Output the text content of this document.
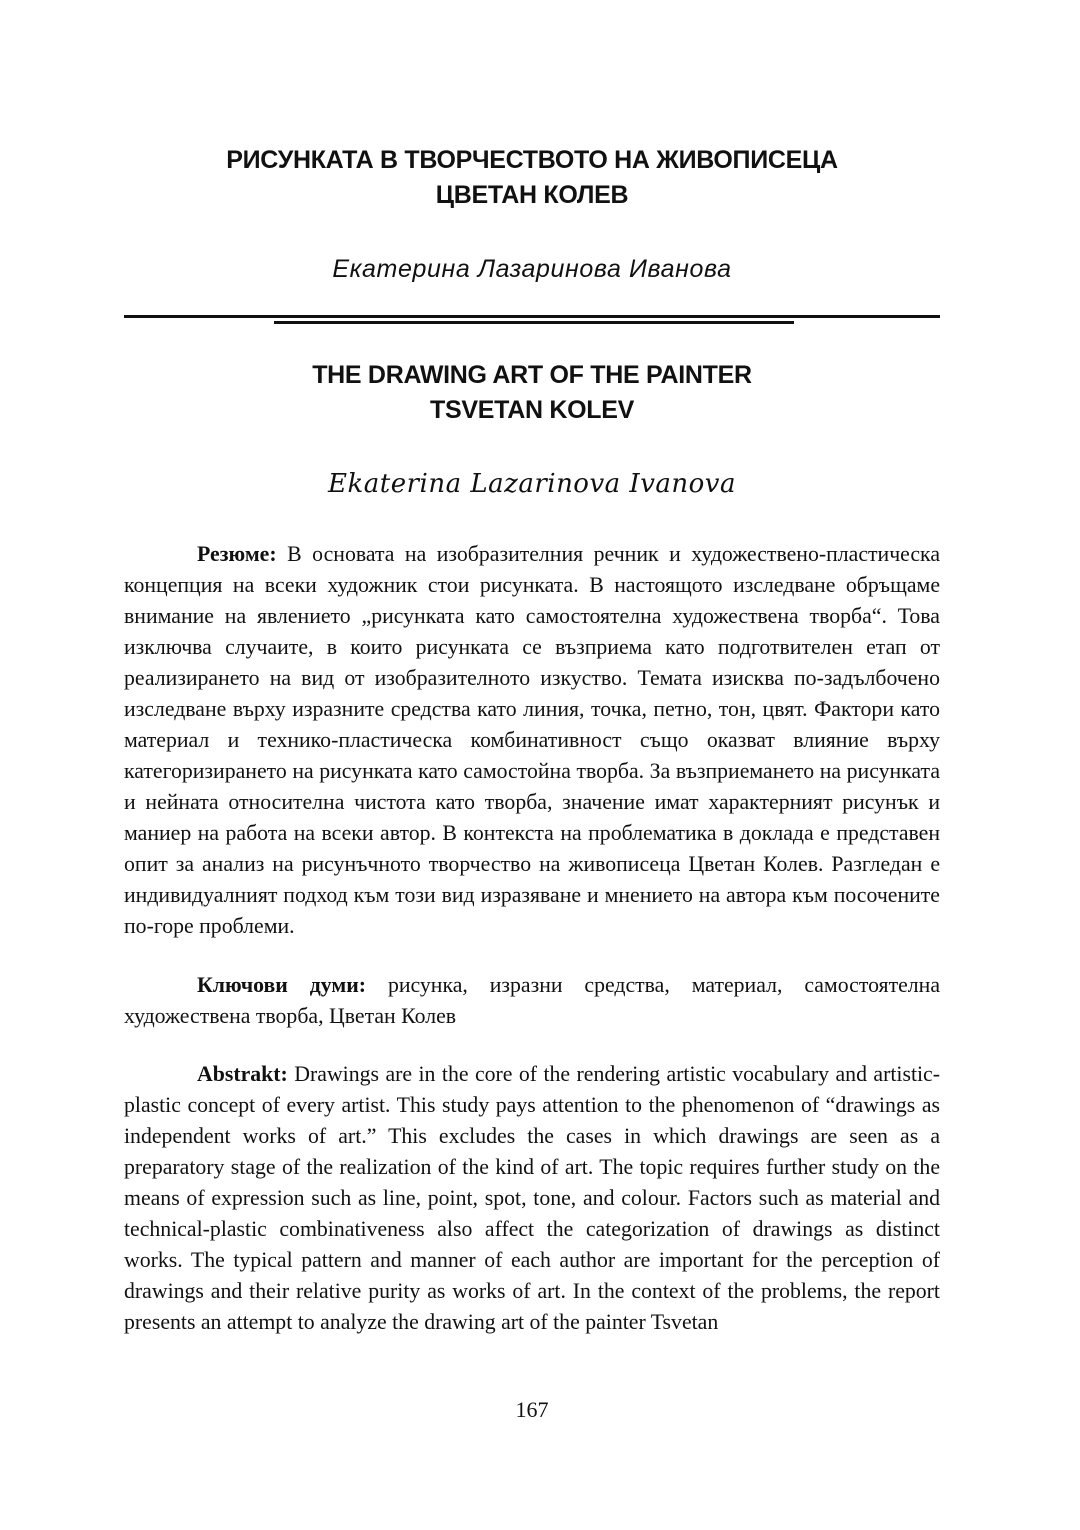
РИСУНКАТА В ТВОРЧЕСТВОТО НА ЖИВОПИСЕЦА
ЦВЕТАН КОЛЕВ
Екатерина Лазаринова Иванова
THE DRAWING ART OF THE PAINTER
TSVETAN KOLEV
Ekaterina Lazarinova Ivanova

Резюме: В основата на изобразителния речник и художествено-пластическа концепция на всеки художник стои рисунката. В настоящото изследване обръщаме внимание на явлението „рисунката като самостоятелна художествена творба“. Това изключва случаите, в които рисунката се възприема като подготвителен етап от реализирането на вид от изобразителното изкуство. Темата изисква по-задълбочено изследване върху изразните средства като линия, точка, петно, тон, цвят. Фактори като материал и технико-пластическа комбинативност също оказват влияние върху категоризирането на рисунката като самостойна творба. За възприемането на рисунката и нейната относителна чистота като творба, значение имат характерният рисунък и маниер на работа на всеки автор. В контекста на проблематика в доклада е представен опит за анализ на рисунъчното творчество на живописеца Цветан Колев. Разгледан е индивидуалният подход към този вид изразяване и мнението на автора към посочените по-горе проблеми.

Ключови думи: рисунка, изразни средства, материал, самостоятелна художествена творба, Цветан Колев

Abstrakt: Drawings are in the core of the rendering artistic vocabulary and artistic-plastic concept of every artist. This study pays attention to the phenomenon of “drawings as independent works of art.” This excludes the cases in which drawings are seen as a preparatory stage of the realization of the kind of art. The topic requires further study on the means of expression such as line, point, spot, tone, and colour. Factors such as material and technical-plastic combinativeness also affect the categorization of drawings as distinct works. The typical pattern and manner of each author are important for the perception of drawings and their relative purity as works of art. In the context of the problems, the report presents an attempt to analyze the drawing art of the painter Tsvetan

167
